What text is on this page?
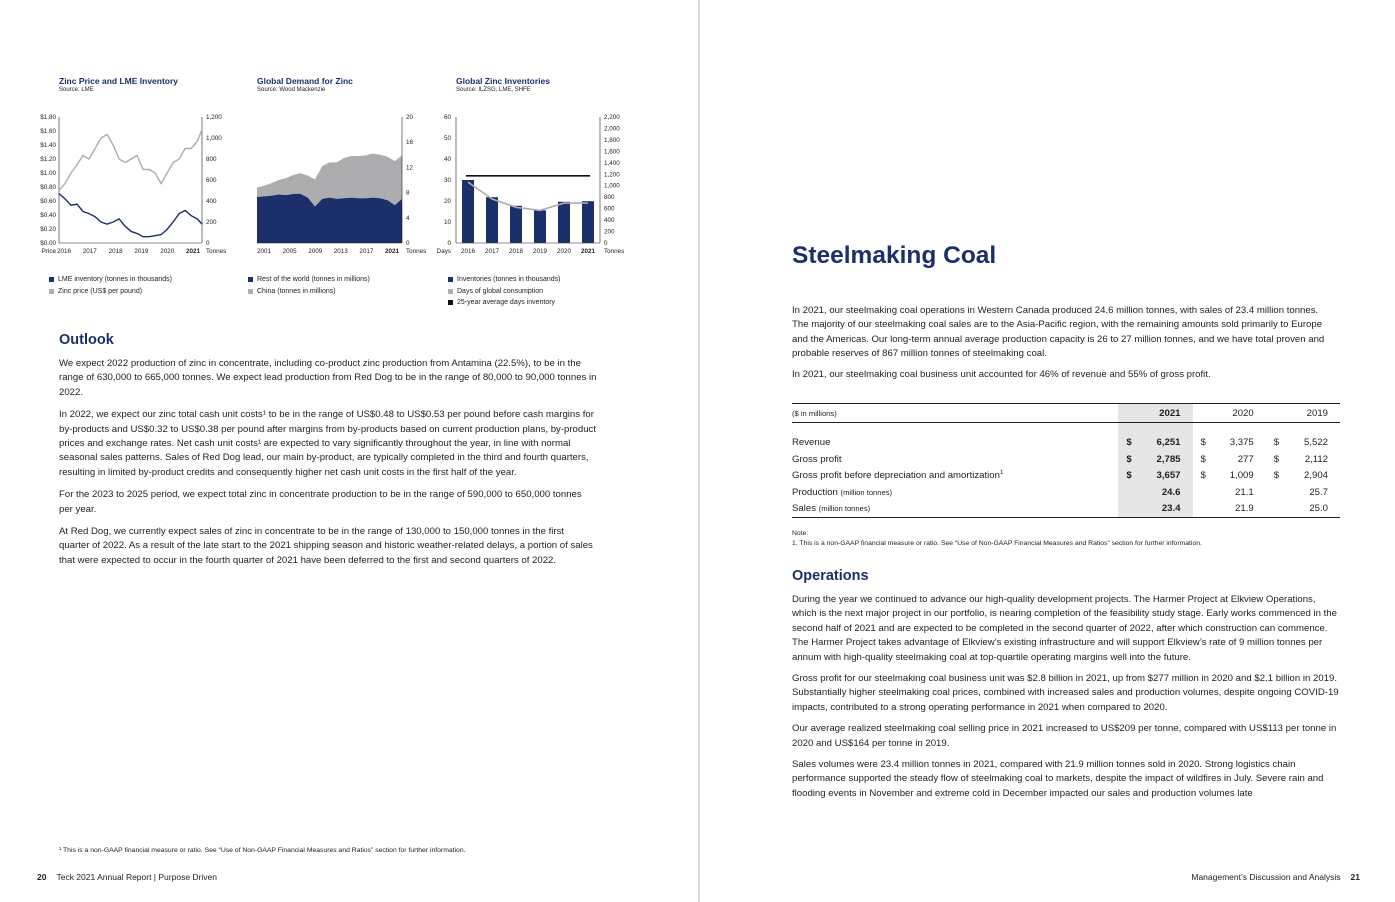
Zinc Price and LME Inventory

Source: LME

$0.00
$0.20
$0.40
$0.60
$0.80
$1.00
$1.20
$1.40
$1.60
$1.80
0
200
400
600
800
1,000
1,200
2016 2017 2018 2019 2020 2021
Price	Tonnes
LME inventory (tonnes in thousands)
Zinc price (US$ per pound)

Global Demand for Zinc

Source: Wood Mackenzie

0
4
8
12
16
20
2001 2005 2009 2013 2017 2021 Tonnes
Rest of the world (tonnes in millions)
China (tonnes in millions)

Global Zinc Inventories

Source: ILZSG, LME, SHFE

0
10
20
30
40
50
60
0
200
400
600
800
1,000
1,200
1,400
1,600
1,800
2,000
2,200
2016 2017 2018 2019 2020 2021
Days	Tonnes
Inventories (tonnes in thousands)
Days of global consumption
25-year average days inventory
Outlook

We expect 2022 production of zinc in concentrate, including co-product zinc production from Antamina (22.5%), to be in the range of 630,000 to 665,000 tonnes. We expect lead production from Red Dog to be in the range of 80,000 to 90,000 tonnes in 2022.

In 2022, we expect our zinc total cash unit costs¹ to be in the range of US$0.48 to US$0.53 per pound before cash margins for by-products and US$0.32 to US$0.38 per pound after margins from by-products based on current production plans, by-product prices and exchange rates. Net cash unit costs¹ are expected to vary significantly throughout the year, in line with normal seasonal sales patterns. Sales of Red Dog lead, our main by-product, are typically completed in the third and fourth quarters, resulting in limited by-product credits and consequently higher net cash unit costs in the first half of the year.

For the 2023 to 2025 period, we expect total zinc in concentrate production to be in the range of 590,000 to 650,000 tonnes per year.

At Red Dog, we currently expect sales of zinc in concentrate to be in the range of 130,000 to 150,000 tonnes in the first quarter of 2022. As a result of the late start to the 2021 shipping season and historic weather-related delays, a portion of sales that were expected to occur in the fourth quarter of 2021 have been deferred to the first and second quarters of 2022.

¹ This is a non-GAAP financial measure or ratio. See “Use of Non-GAAP Financial Measures and Ratios” section for further information.
20 Teck 2021 Annual Report | Purpose Driven
Steelmaking Coal

In 2021, our steelmaking coal operations in Western Canada produced 24.6 million tonnes, with sales of 23.4 million tonnes. The majority of our steelmaking coal sales are to the Asia-Pacific region, with the remaining amounts sold primarily to Europe and the Americas. Our long-term annual average production capacity is 26 to 27 million tonnes, and we have total proven and probable reserves of 867 million tonnes of steelmaking coal.

In 2021, our steelmaking coal business unit accounted for 46% of revenue and 55% of gross profit.

($ in millions)	2021		2020		2019	
Revenue	$	6,251	$	3,375	$	5,522
Gross profit	$	2,785	$	277	$	2,112
Gross profit before depreciation and amortization$^1$	$	3,657	$	1,009	$	2,904
Production (million tonnes)		24.6		21.1		25.7
Sales (million tonnes)		23.4		21.9		25.0
Note:
1. This is a non-GAAP financial measure or ratio. See “Use of Non-GAAP Financial Measures and Ratios” section for further information.
Operations

During the year we continued to advance our high-quality development projects. The Harmer Project at Elkview Operations, which is the next major project in our portfolio, is nearing completion of the feasibility study stage. Early works commenced in the second half of 2021 and are expected to be completed in the second quarter of 2022, after which construction can commence. The Harmer Project takes advantage of Elkview’s existing infrastructure and will support Elkview’s rate of 9 million tonnes per annum with high-quality steelmaking coal at top-quartile operating margins well into the future.

Gross profit for our steelmaking coal business unit was $2.8 billion in 2021, up from $277 million in 2020 and $2.1 billion in 2019. Substantially higher steelmaking coal prices, combined with increased sales and production volumes, despite ongoing COVID-19 impacts, contributed to a strong operating performance in 2021 when compared to 2020.

Our average realized steelmaking coal selling price in 2021 increased to US$209 per tonne, compared with US$113 per tonne in 2020 and US$164 per tonne in 2019.

Sales volumes were 23.4 million tonnes in 2021, compared with 21.9 million tonnes sold in 2020. Strong logistics chain performance supported the steady flow of steelmaking coal to markets, despite the impact of wildfires in July. Severe rain and flooding events in November and extreme cold in December impacted our sales and production volumes late

Management’s Discussion and Analysis 21
